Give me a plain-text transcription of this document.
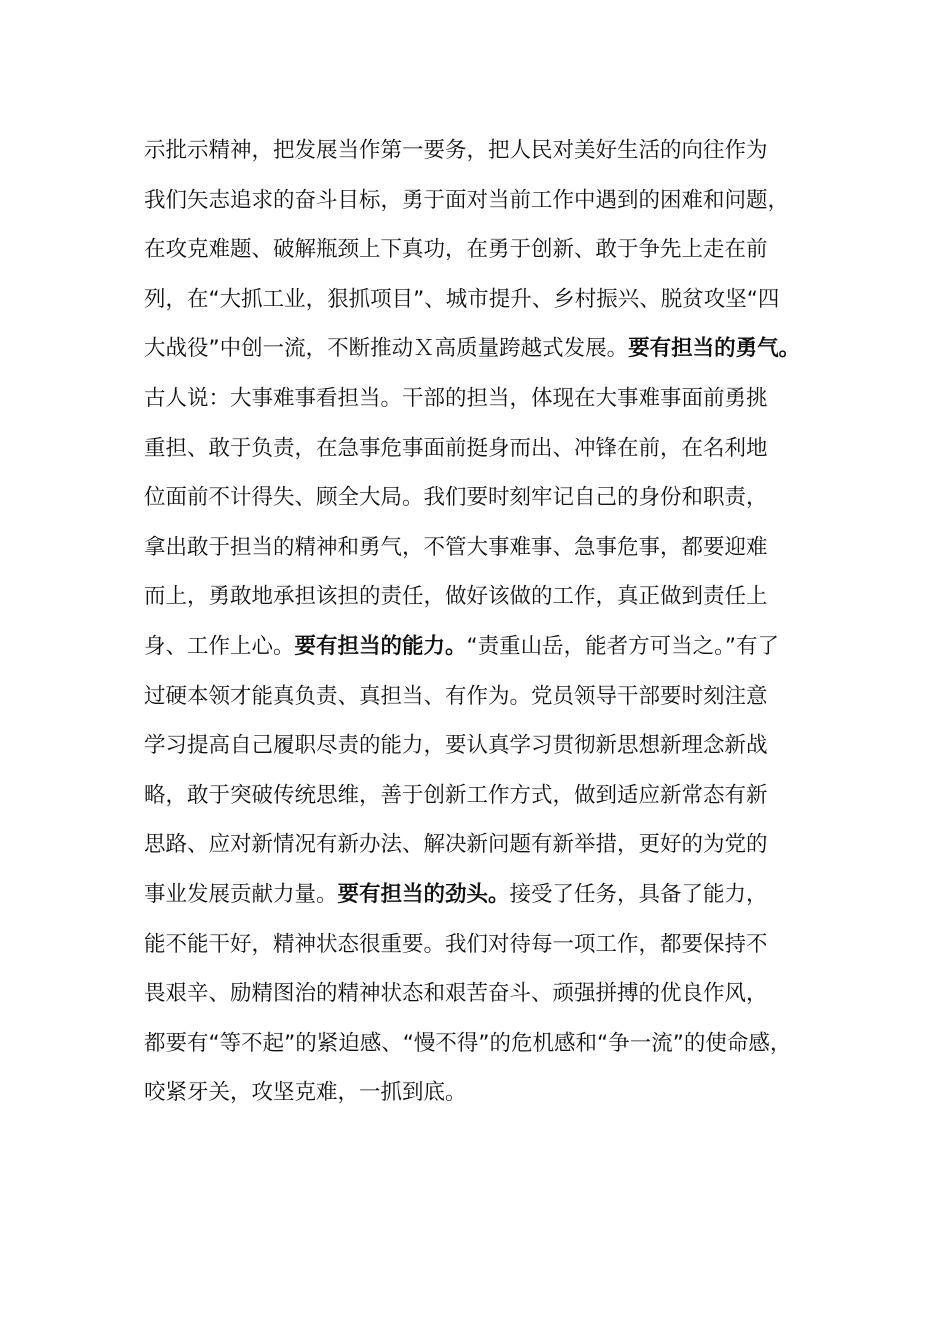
示批示精神，把发展当作第一要务，把人民对美好生活的向往作为
我们矢志追求的奋斗目标，勇于面对当前工作中遇到的困难和问题，
在攻克难题、破解瓶颈上下真功，在勇于创新、敢于争先上走在前
列，在“大抓工业，狠抓项目”、城市提升、乡村振兴、脱贫攻坚“四
大战役”中创一流，不断推动Ｘ高质量跨越式发展。要有担当的勇气。
古人说：大事难事看担当。干部的担当，体现在大事难事面前勇挑
重担、敢于负责，在急事危事面前挺身而出、冲锋在前，在名利地
位面前不计得失、顾全大局。我们要时刻牢记自己的身份和职责，
拿出敢于担当的精神和勇气，不管大事难事、急事危事，都要迎难
而上，勇敢地承担该担的责任，做好该做的工作，真正做到责任上
身、工作上心。要有担当的能力。“责重山岳，能者方可当之。”有了
过硬本领才能真负责、真担当、有作为。党员领导干部要时刻注意
学习提高自己履职尽责的能力，要认真学习贯彻新思想新理念新战
略，敢于突破传统思维，善于创新工作方式，做到适应新常态有新
思路、应对新情况有新办法、解决新问题有新举措，更好的为党的
事业发展贡献力量。要有担当的劲头。接受了任务，具备了能力，
能不能干好，精神状态很重要。我们对待每一项工作，都要保持不
畏艰辛、励精图治的精神状态和艰苦奋斗、顽强拼搏的优良作风，
都要有“等不起”的紧迫感、“慢不得”的危机感和“争一流”的使命感，
咬紧牙关，攻坚克难，一抓到底。
